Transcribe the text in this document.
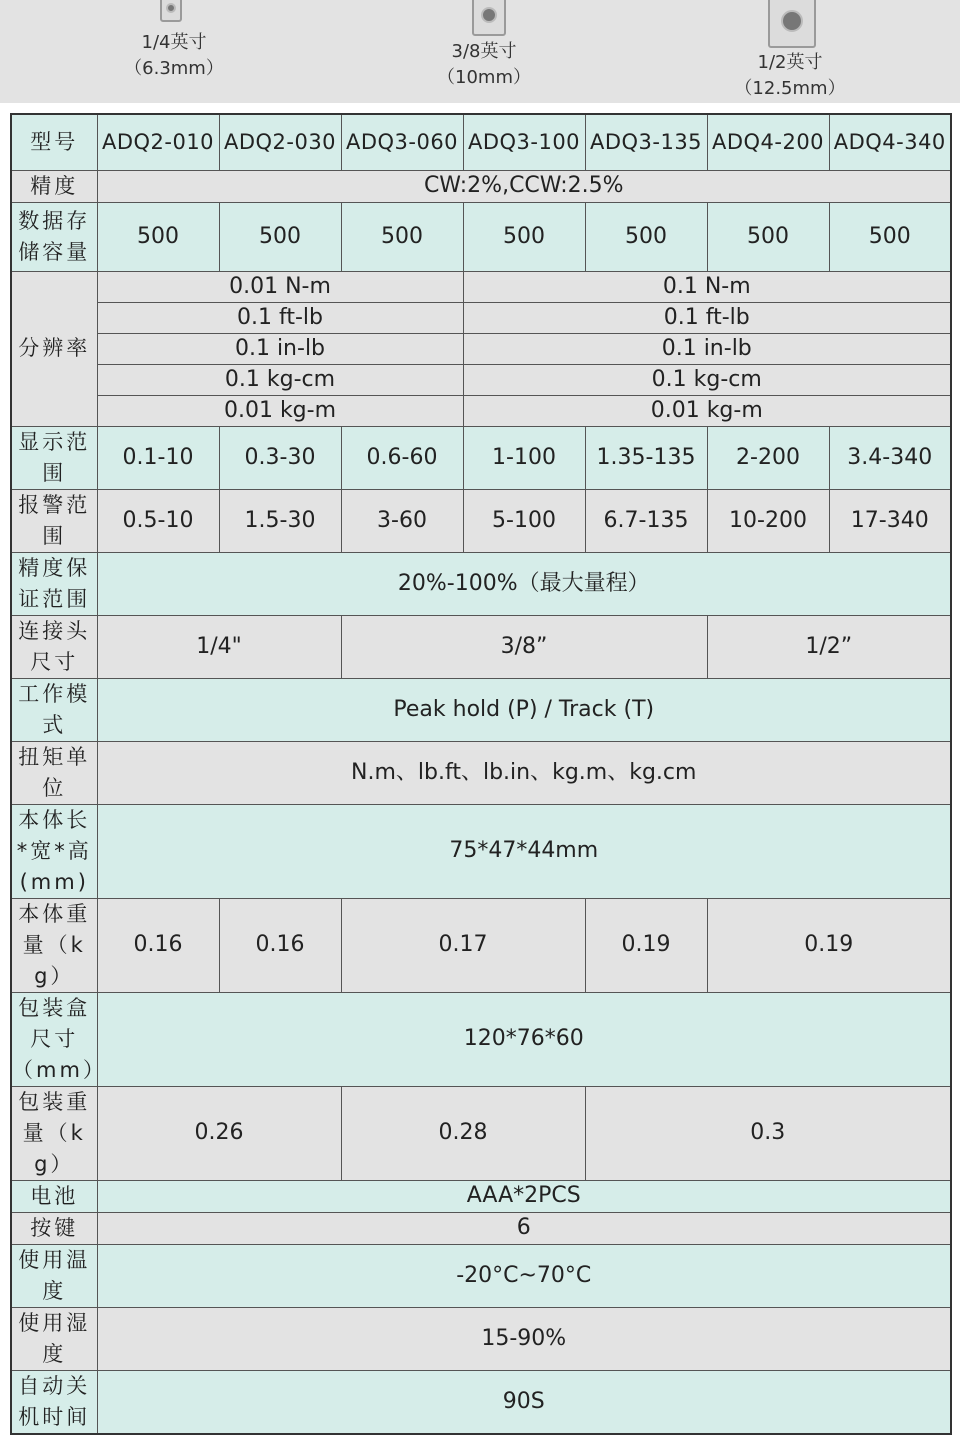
1/4英寸
（6.3mm）
3/8英寸
（10mm）
1/2英寸
（12.5mm）
型号	ADQ2-010	ADQ2-030	ADQ3-060	ADQ3-100	ADQ3-135	ADQ4-200	ADQ4-340
精度	CW:2%,CCW:2.5%						
数据存储容量	500	500	500	500	500	500	500
分辨率	0.01 N-m			0.1 N-m			
	0.1 ft-lb			0.1 ft-lb			
	0.1 in-lb			0.1 in-lb			
	0.1 kg-cm			0.1 kg-cm			
	0.01 kg-m			0.01 kg-m			
显示范围	0.1-10	0.3-30	0.6-60	1-100	1.35-135	2-200	3.4-340
报警范围	0.5-10	1.5-30	3-60	5-100	6.7-135	10-200	17-340
精度保证范围	20%-100%（最大量程）						
连接头尺寸	1/4"		3/8”			1/2”	
工作模式	Peak hold (P) / Track (T)						
扭矩单位	N.m、lb.ft、lb.in、kg.m、kg.cm						
本体长*宽*高(mm)	75*47*44mm						
本体重量（kg）	0.16	0.16	0.17		0.19	0.19	
包装盒尺寸（mm）	120*76*60						
包装重量（kg）	0.26		0.28		0.3		
电池	AAA*2PCS						
按键	6						
使用温度	-20°C~70°C						
使用湿度	15-90%						
自动关机时间	90S						
